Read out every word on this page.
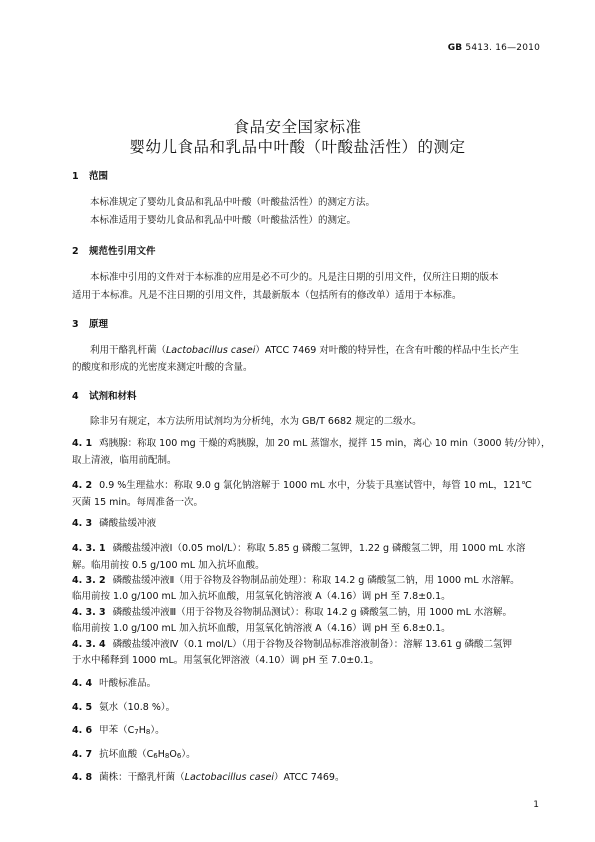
GB 5413. 16—2010
食品安全国家标准
婴幼儿食品和乳品中叶酸（叶酸盐活性）的测定
1 范围
本标准规定了婴幼儿食品和乳品中叶酸（叶酸盐活性）的测定方法。
本标准适用于婴幼儿食品和乳品中叶酸（叶酸盐活性）的测定。
2 规范性引用文件
本标准中引用的文件对于本标准的应用是必不可少的。凡是注日期的引用文件，仅所注日期的版本
适用于本标准。凡是不注日期的引用文件，其最新版本（包括所有的修改单）适用于本标准。
3 原理
利用干酪乳杆菌（Lactobacillus casei）ATCC 7469 对叶酸的特异性，在含有叶酸的样品中生长产生
的酸度和形成的光密度来测定叶酸的含量。
4 试剂和材料
除非另有规定，本方法所用试剂均为分析纯，水为 GB/T 6682 规定的二级水。
4. 1 鸡胰腺：称取 100 mg 干燥的鸡胰腺，加 20 mL 蒸馏水，搅拌 15 min，离心 10 min（3000 转/分钟），
取上清液，临用前配制。
4. 2 0.9 %生理盐水：称取 9.0 g 氯化钠溶解于 1000 mL 水中，分装于具塞试管中，每管 10 mL，121℃
灭菌 15 min。每周准备一次。
4. 3 磷酸盐缓冲液
4. 3. 1 磷酸盐缓冲液Ⅰ（0.05 mol/L）：称取 5.85 g 磷酸二氢钾，1.22 g 磷酸氢二钾，用 1000 mL 水溶
解。临用前按 0.5 g/100 mL 加入抗坏血酸。
4. 3. 2 磷酸盐缓冲液Ⅱ（用于谷物及谷物制品前处理）：称取 14.2 g 磷酸氢二钠，用 1000 mL 水溶解。
临用前按 1.0 g/100 mL 加入抗坏血酸，用氢氧化钠溶液 A（4.16）调 pH 至 7.8±0.1。
4. 3. 3 磷酸盐缓冲液Ⅲ（用于谷物及谷物制品测试）：称取 14.2 g 磷酸氢二钠，用 1000 mL 水溶解。
临用前按 1.0 g/100 mL 加入抗坏血酸，用氢氧化钠溶液 A（4.16）调 pH 至 6.8±0.1。
4. 3. 4 磷酸盐缓冲液Ⅳ（0.1 mol/L）（用于谷物及谷物制品标准溶液制备）：溶解 13.61 g 磷酸二氢钾
于水中稀释到 1000 mL。用氢氧化钾溶液（4.10）调 pH 至 7.0±0.1。
4. 4 叶酸标准品。
4. 5 氨水（10.8 %）。
4. 6 甲苯$(C_7H_8)$。
4. 7 抗坏血酸$(C_6H_8O_6)$。
4. 8 菌株：干酪乳杆菌（Lactobacillus casei）ATCC 7469。
1
